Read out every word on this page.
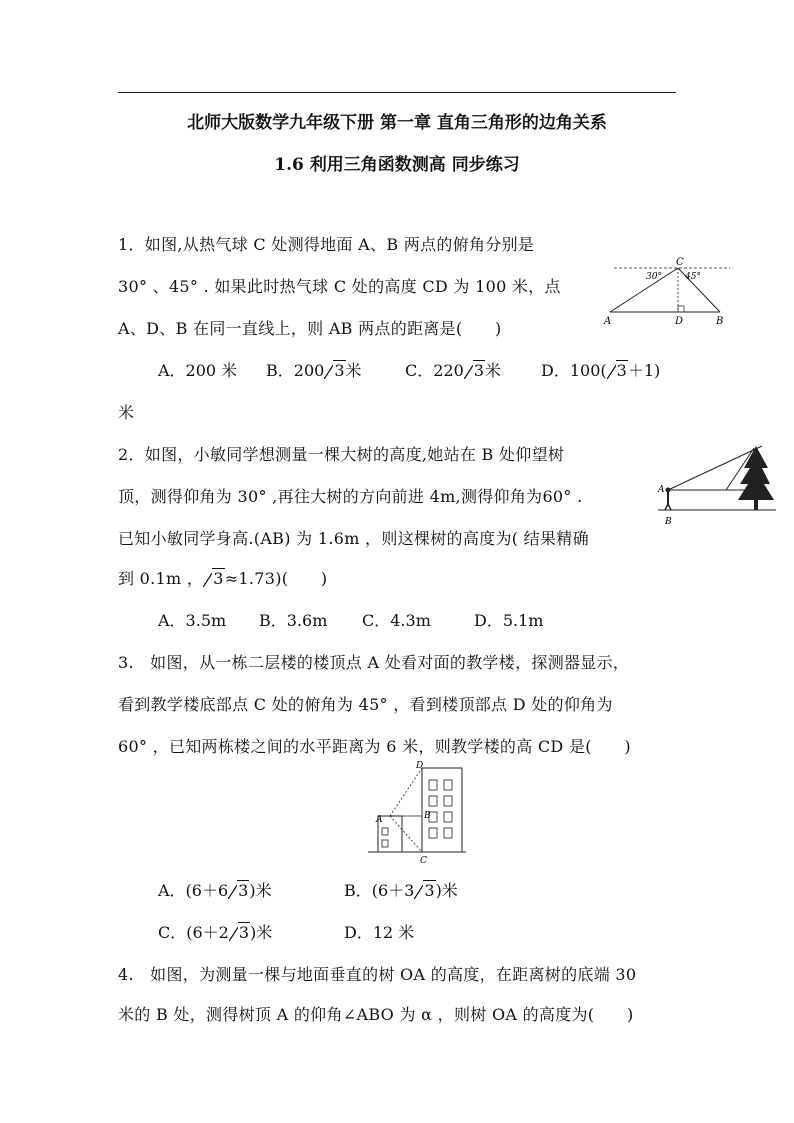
北师大版数学九年级下册 第一章 直角三角形的边角关系
1.6 利用三角函数测高 同步练习
1．如图,从热气球 C 处测得地面 A、B 两点的俯角分别是
30° 、45° . 如果此时热气球 C 处的高度 CD 为 100 米，点
A、D、B 在同一直线上，则 AB 两点的距离是(　　)
C
30°	45°
A	D	B
A．200 米 B．200 3米	C．220 3米	D．100( 3＋1)
米
2．如图，小敏同学想测量一棵大树的高度,她站在 B 处仰望树
顶，测得仰角为 30° ,再往大树的方向前进 4m,测得仰角为60° .
已知小敏同学身高.(AB) 为 1.6m ，则这棵树的高度为( 结果精确
到 0.1m ， 3≈1.73)(　　)
A
B
A．3.5m B．3.6m C．4.3m	D．5.1m
3.　如图，从一栋二层楼的楼顶点 A 处看对面的教学楼，探测器显示，
看到教学楼底部点 C 处的俯角为 45° ，看到楼顶部点 D 处的仰角为
60° ，已知两栋楼之间的水平距离为 6 米，则教学楼的高 CD 是(　　)
D
A	B
C
A．(6＋6 3)米	B．(6＋3 3)米
C．(6＋2 3)米	D．12 米
4.　如图，为测量一棵与地面垂直的树 OA 的高度，在距离树的底端 30
米的 B 处，测得树顶 A 的仰角∠ABO 为 α ，则树 OA 的高度为(　　)
